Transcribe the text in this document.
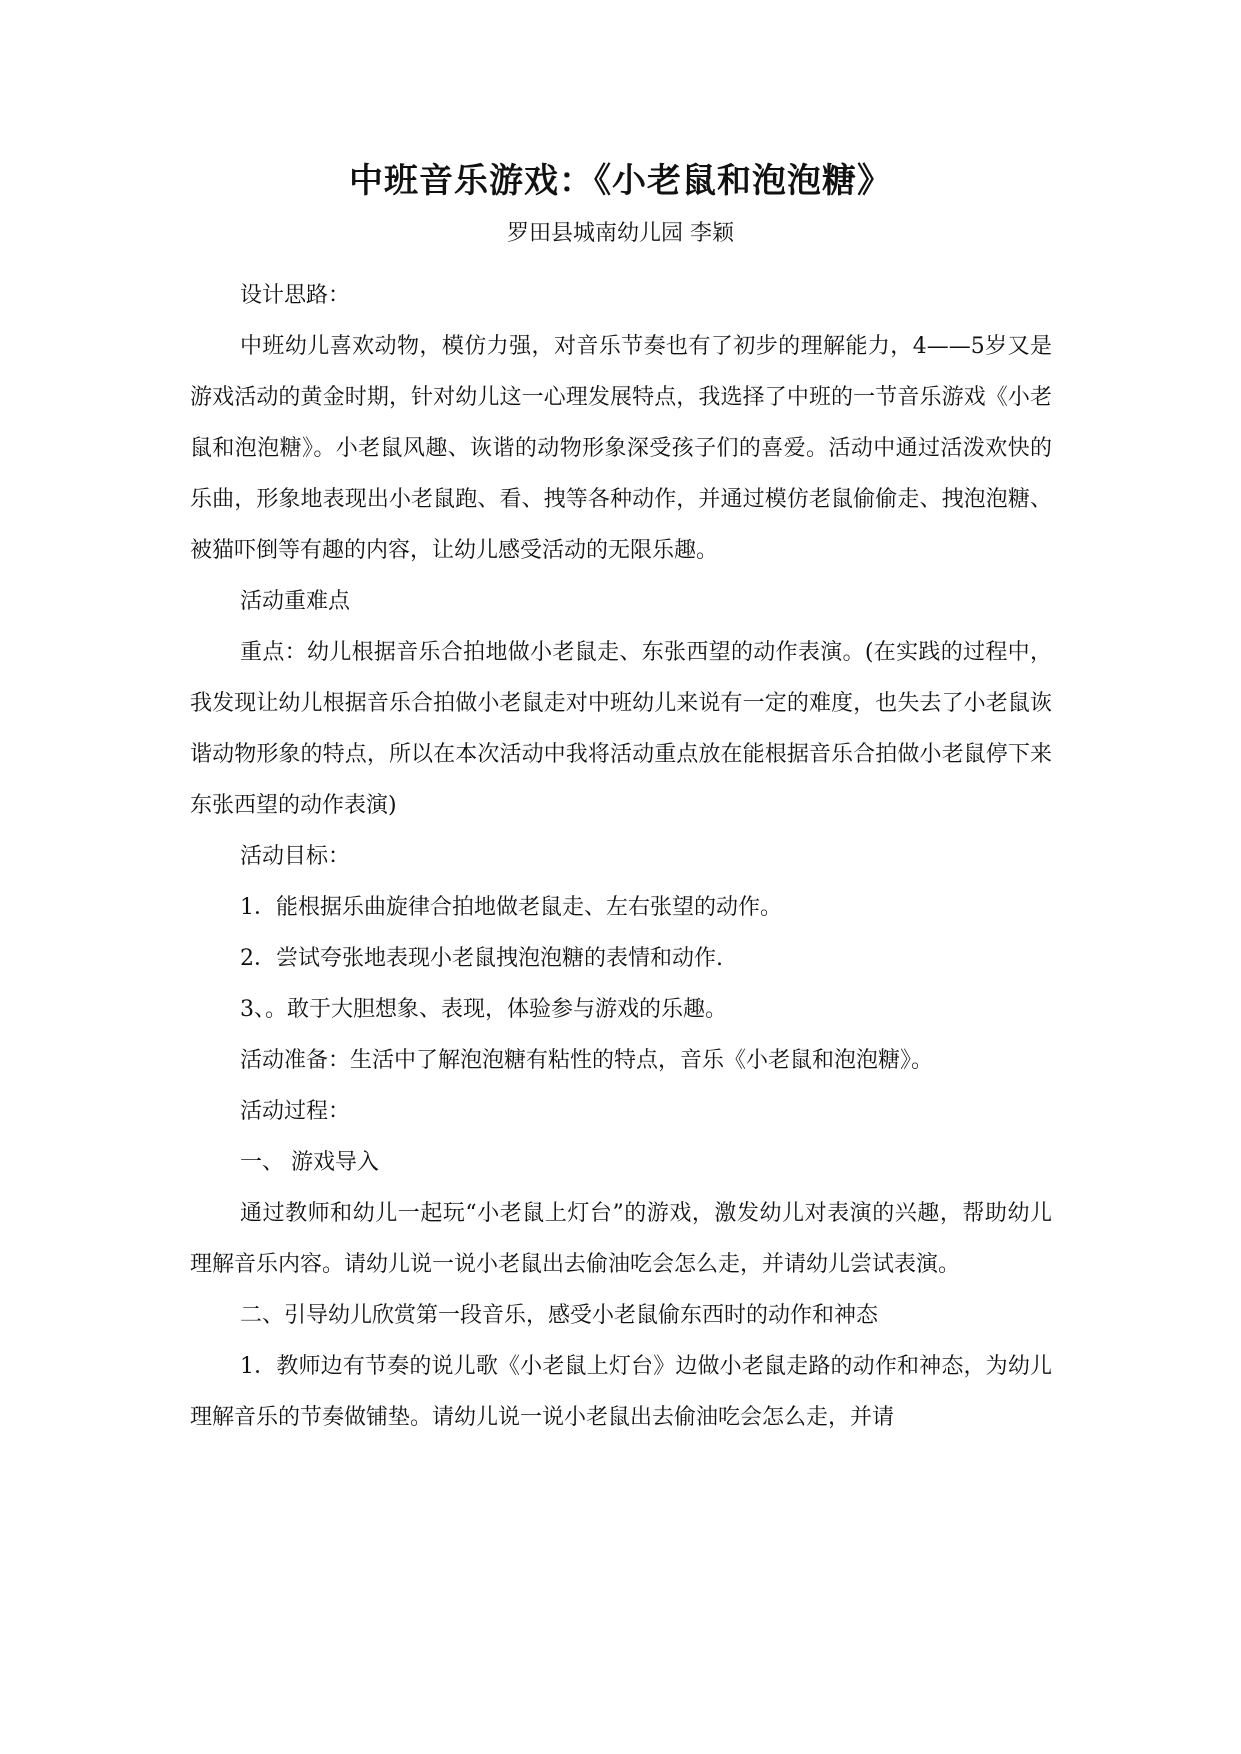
中班音乐游戏：《小老鼠和泡泡糖》
罗田县城南幼儿园 李颖

设计思路：

中班幼儿喜欢动物，模仿力强，对音乐节奏也有了初步的理解能力，4——5岁又是游戏活动的黄金时期，针对幼儿这一心理发展特点，我选择了中班的一节音乐游戏《小老鼠和泡泡糖》。小老鼠风趣、诙谐的动物形象深受孩子们的喜爱。活动中通过活泼欢快的乐曲，形象地表现出小老鼠跑、看、拽等各种动作，并通过模仿老鼠偷偷走、拽泡泡糖、被猫吓倒等有趣的内容，让幼儿感受活动的无限乐趣。

活动重难点

重点：幼儿根据音乐合拍地做小老鼠走、东张西望的动作表演。(在实践的过程中，我发现让幼儿根据音乐合拍做小老鼠走对中班幼儿来说有一定的难度，也失去了小老鼠诙谐动物形象的特点，所以在本次活动中我将活动重点放在能根据音乐合拍做小老鼠停下来东张西望的动作表演)

活动目标：

1．能根据乐曲旋律合拍地做老鼠走、左右张望的动作。

2．尝试夸张地表现小老鼠拽泡泡糖的表情和动作.

3、。敢于大胆想象、表现，体验参与游戏的乐趣。

活动准备：生活中了解泡泡糖有粘性的特点，音乐《小老鼠和泡泡糖》。

活动过程：

一、 游戏导入

通过教师和幼儿一起玩“小老鼠上灯台”的游戏，激发幼儿对表演的兴趣，帮助幼儿理解音乐内容。请幼儿说一说小老鼠出去偷油吃会怎么走，并请幼儿尝试表演。

二、引导幼儿欣赏第一段音乐，感受小老鼠偷东西时的动作和神态

1．教师边有节奏的说儿歌《小老鼠上灯台》边做小老鼠走路的动作和神态，为幼儿理解音乐的节奏做铺垫。请幼儿说一说小老鼠出去偷油吃会怎么走，并请
